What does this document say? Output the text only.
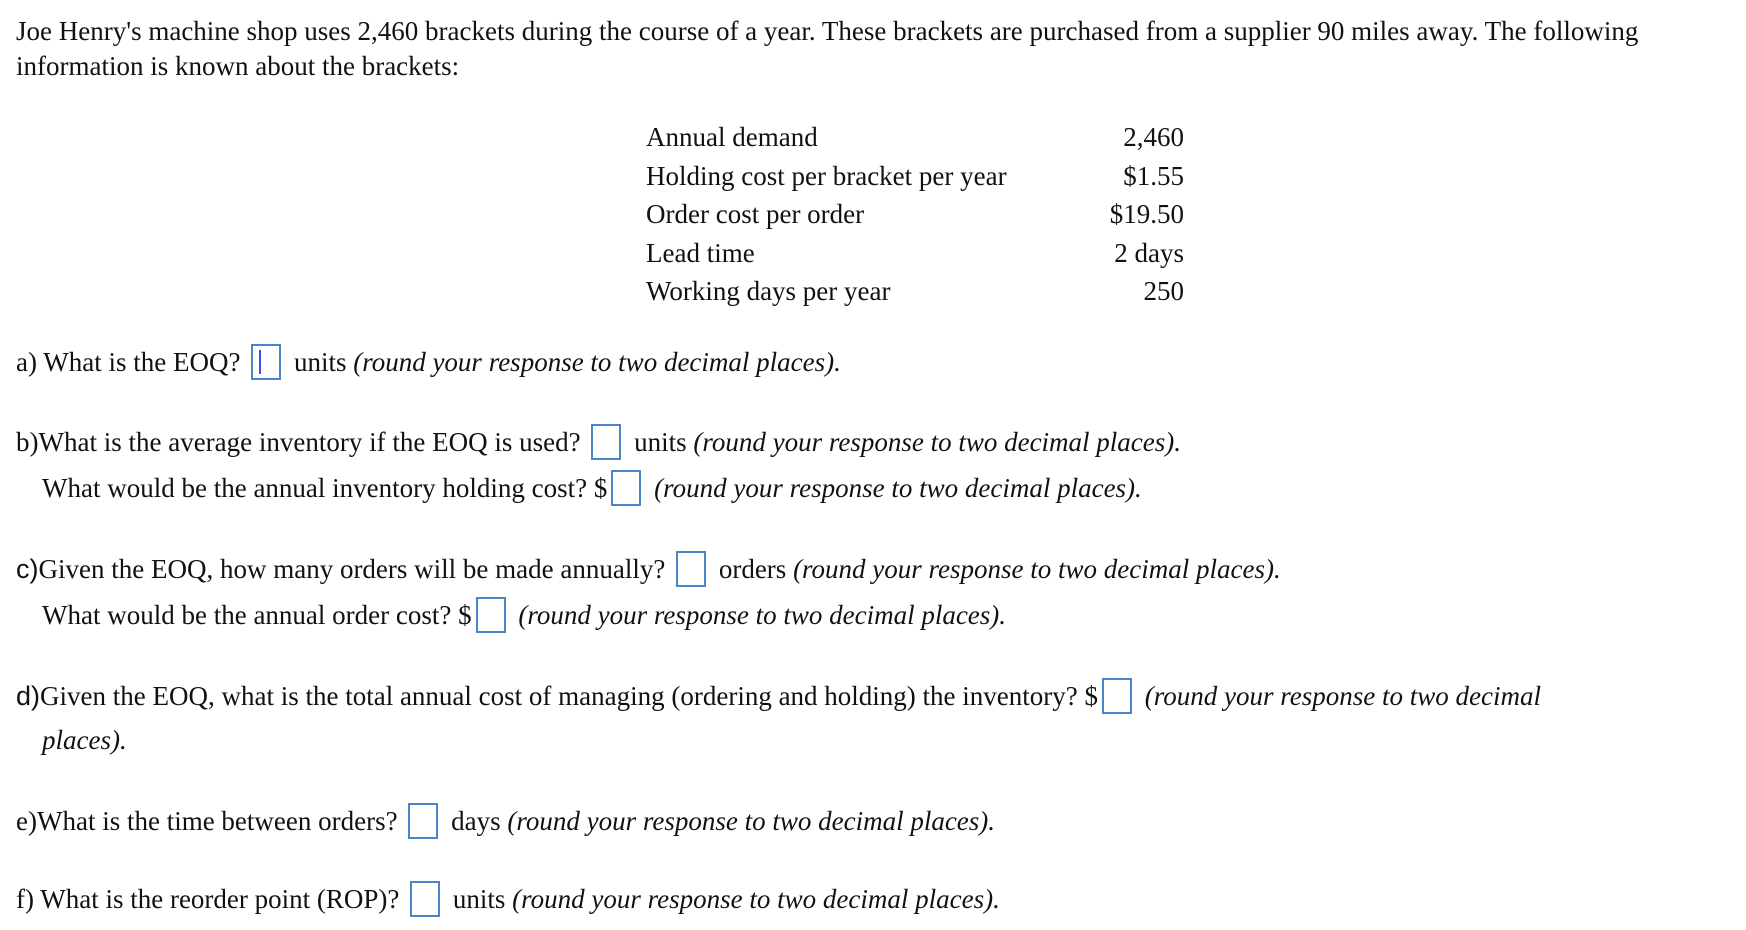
Joe Henry's machine shop uses 2,460 brackets during the course of a year. These brackets are purchased from a supplier 90 miles away. The following information is known about the brackets:

Annual demand	2,460
Holding cost per bracket per year	$1.55
Order cost per order	$19.50
Lead time	2 days
Working days per year	250
a) What is the EOQ? units (round your response to two decimal places).
b)What is the average inventory if the EOQ is used? units (round your response to two decimal places).
What would be the annual inventory holding cost? $ (round your response to two decimal places).
c)Given the EOQ, how many orders will be made annually? orders (round your response to two decimal places).
What would be the annual order cost? $ (round your response to two decimal places).
d)Given the EOQ, what is the total annual cost of managing (ordering and holding) the inventory? $ (round your response to two decimal
places).
e)What is the time between orders? days (round your response to two decimal places).
f) What is the reorder point (ROP)? units (round your response to two decimal places).
